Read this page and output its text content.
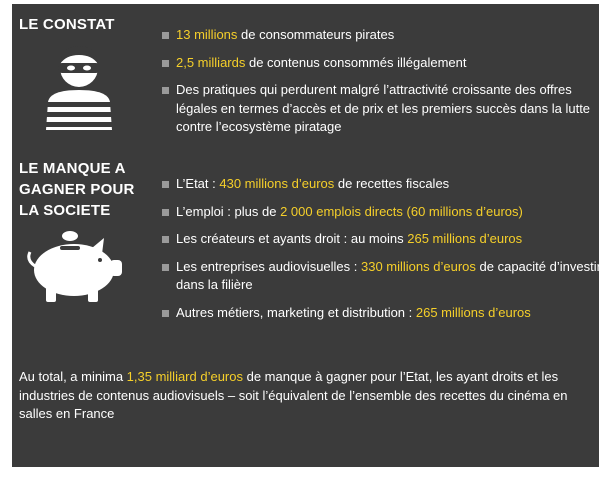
LE CONSTAT
13 millions de consommateurs pirates
2,5 milliards de contenus consommés illégalement
Des pratiques qui perdurent malgré l’attractivité croissante des offres légales en termes d’accès et de prix et les premiers succès dans la lutte contre l’ecosystème piratage
LE MANQUE A
GAGNER POUR
LA SOCIETE
L’Etat : 430 millions d’euros de recettes fiscales
L’emploi : plus de 2 000 emplois directs (60 millions d’euros)
Les créateurs et ayants droit : au moins 265 millions d’euros
Les entreprises audiovisuelles : 330 millions d’euros de capacité d’investir dans la filière
Autres métiers, marketing et distribution : 265 millions d’euros
Au total, a minima 1,35 milliard d’euros de manque à gagner pour l’Etat, les ayant droits et les industries de contenus audiovisuels – soit l’équivalent de l’ensemble des recettes du cinéma en salles en France
